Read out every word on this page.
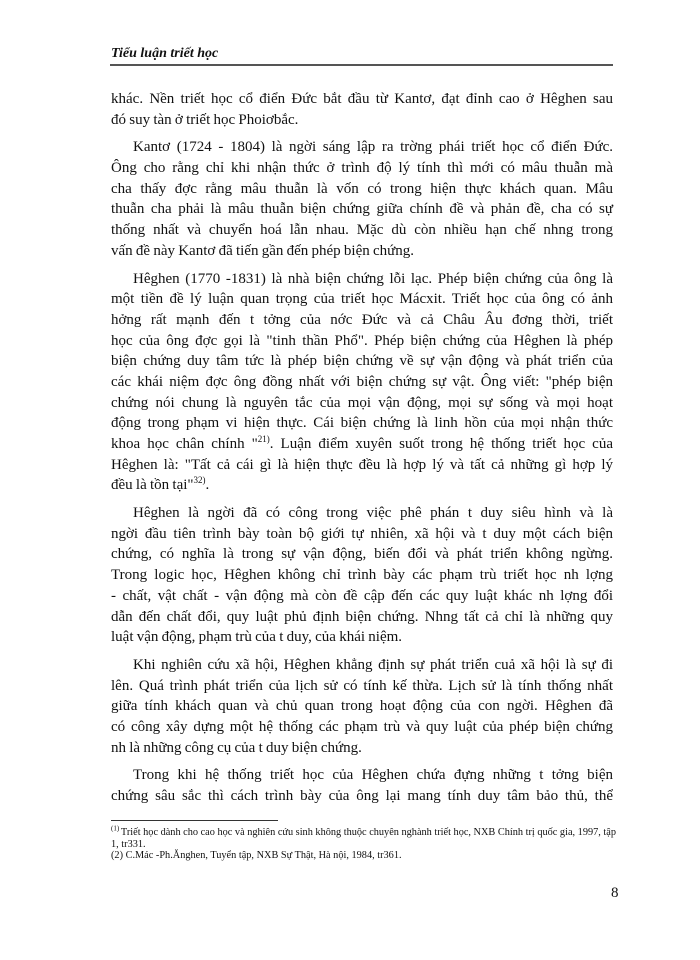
Tiểu luận triết học
khác. Nền triết học cổ điển Đức bắt đầu từ Kantơ, đạt đỉnh cao ở Hêghen sau
đó suy tàn ở triết học Phoiơbắc.
Kantơ (1724 - 1804) là ngời sáng lập ra trờng phái triết học cổ điển Đức.
Ông cho rằng chỉ khi nhận thức ở trình độ lý tính thì mới có mâu thuẫn mà
cha thấy đợc rằng mâu thuẫn là vốn có trong hiện thực khách quan. Mâu
thuẫn cha phải là mâu thuẫn biện chứng giữa chính đề và phản đề, cha có sự
thống nhất và chuyển hoá lẫn nhau. Mặc dù còn nhiều hạn chế nhng trong
vấn đề này Kantơ đã tiến gần đến phép biện chứng.
Hêghen (1770 -1831) là nhà biện chứng lỗi lạc. Phép biện chứng của ông là
một tiền đề lý luận quan trọng của triết học Mácxit. Triết học của ông có ảnh
hởng rất mạnh đến t tởng của nớc Đức và cả Châu Âu đơng thời, triết
học của ông đợc gọi là "tinh thần Phổ". Phép biện chứng của Hêghen là phép
biện chứng duy tâm tức là phép biện chứng về sự vận động và phát triển của
các khái niệm đợc ông đồng nhất với biện chứng sự vật. Ông viết: "phép biện
chứng nói chung là nguyên tắc của mọi vận động, mọi sự sống và mọi hoạt
động trong phạm vi hiện thực. Cái biện chứng là linh hồn của mọi nhận thức
khoa học chân chính "$^{21)}$. Luận điểm xuyên suốt trong hệ thống triết học của
Hêghen là: "Tất cả cái gì là hiện thực đều là hợp lý và tất cả những gì hợp lý
đều là tồn tại"$^{32)}$.
Hêghen là ngời đã có công trong việc phê phán t duy siêu hình và là
ngời đầu tiên trình bày toàn bộ giới tự nhiên, xã hội và t duy một cách biện
chứng, có nghĩa là trong sự vận động, biến đổi và phát triển không ngừng.
Trong logic học, Hêghen không chỉ trình bày các phạm trù triết học nh lợng
- chất, vật chất - vận động mà còn đề cập đến các quy luật khác nh lợng đổi
dẫn đến chất đổi, quy luật phủ định biện chứng. Nhng tất cả chỉ là những quy
luật vận động, phạm trù của t duy, của khái niệm.
Khi nghiên cứu xã hội, Hêghen khẳng định sự phát triển cuả xã hội là sự đi
lên. Quá trình phát triển của lịch sử có tính kế thừa. Lịch sử là tính thống nhất
giữa tính khách quan và chủ quan trong hoạt động của con ngời. Hêghen đã
có công xây dựng một hệ thống các phạm trù và quy luật của phép biện chứng
nh là những công cụ của t duy biện chứng.
Trong khi hệ thống triết học của Hêghen chứa đựng những t tởng biện
chứng sâu sắc thì cách trình bày của ông lại mang tính duy tâm bảo thủ, thể
$^{(1)}$ Triết học dành cho cao học và nghiên cứu sinh không thuộc chuyên nghành triết học, NXB Chính trị quốc gia, 1997, tập 1, tr331.
(2) C.Mác -Ph.Ănghen, Tuyển tập, NXB Sự Thật, Hà nội, 1984, tr361.
8
